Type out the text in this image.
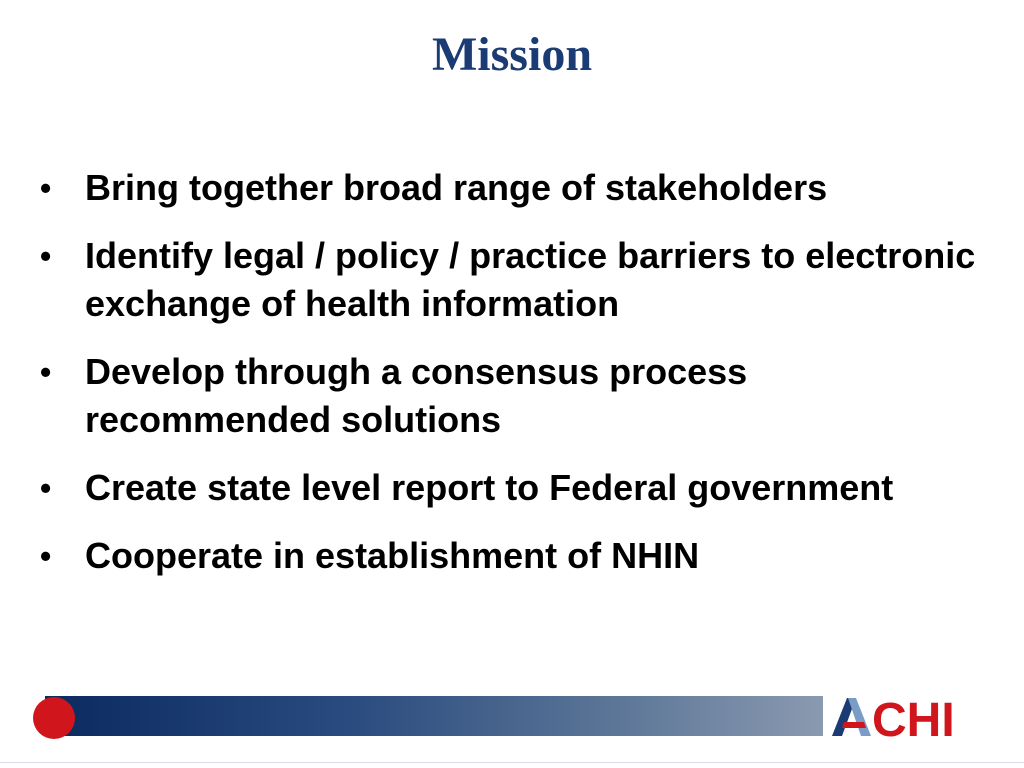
Mission
• Bring together broad range of stakeholders
• Identify legal / policy / practice barriers to electronic exchange of health information
• Develop through a consensus process recommended solutions
• Create state level report to Federal government
• Cooperate in establishment of NHIN
CHI
